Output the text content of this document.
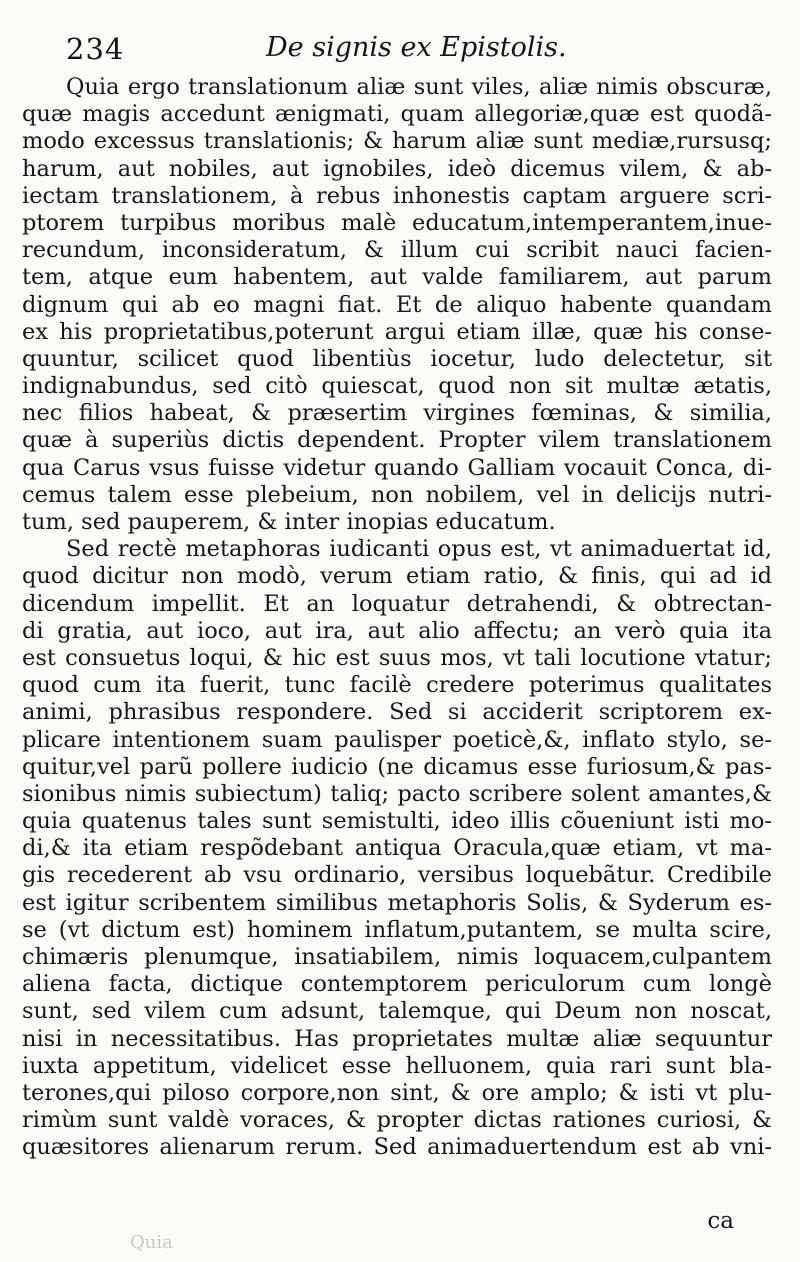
234	De signis ex Epistolis.
Quia ergo translationum aliæ sunt viles, aliæ nimis obscuræ,
quæ magis accedunt ænigmati, quam allegoriæ,quæ est quodã-
modo excessus translationis; & harum aliæ sunt mediæ,rursusq;
harum, aut nobiles, aut ignobiles, ideò dicemus vilem, & ab-
iectam translationem, à rebus inhonestis captam arguere scri-
ptorem turpibus moribus malè educatum,intemperantem,inue-
recundum, inconsideratum, & illum cui scribit nauci facien-
tem, atque eum habentem, aut valde familiarem, aut parum
dignum qui ab eo magni fiat. Et de aliquo habente quandam
ex his proprietatibus,poterunt argui etiam illæ, quæ his conse-
quuntur, scilicet quod libentiùs iocetur, ludo delectetur, sit
indignabundus, sed citò quiescat, quod non sit multæ ætatis,
nec filios habeat, & præsertim virgines fœminas, & similia,
quæ à superiùs dictis dependent. Propter vilem translationem
qua Carus vsus fuisse videtur quando Galliam vocauit Conca, di-
cemus talem esse plebeium, non nobilem, vel in delicijs nutri-
tum, sed pauperem, & inter inopias educatum.
Sed rectè metaphoras iudicanti opus est, vt animaduertat id,
quod dicitur non modò, verum etiam ratio, & finis, qui ad id
dicendum impellit. Et an loquatur detrahendi, & obtrectan-
di gratia, aut ioco, aut ira, aut alio affectu; an verò quia ita
est consuetus loqui, & hic est suus mos, vt tali locutione vtatur;
quod cum ita fuerit, tunc facilè credere poterimus qualitates
animi, phrasibus respondere. Sed si acciderit scriptorem ex-
plicare intentionem suam paulisper poeticè,&, inflato stylo, se-
quitur,vel parũ pollere iudicio (ne dicamus esse furiosum,& pas-
sionibus nimis subiectum) taliq; pacto scribere solent amantes,&
quia quatenus tales sunt semistulti, ideo illis cõueniunt isti mo-
di,& ita etiam respõdebant antiqua Oracula,quæ etiam, vt ma-
gis recederent ab vsu ordinario, versibus loquebãtur. Credibile
est igitur scribentem similibus metaphoris Solis, & Syderum es-
se (vt dictum est) hominem inflatum,putantem, se multa scire,
chimæris plenumque, insatiabilem, nimis loquacem,culpantem
aliena facta, dictique contemptorem periculorum cum longè
sunt, sed vilem cum adsunt, talemque, qui Deum non noscat,
nisi in necessitatibus. Has proprietates multæ aliæ sequuntur
iuxta appetitum, videlicet esse helluonem, quia rari sunt bla-
terones,qui piloso corpore,non sint, & ore amplo; & isti vt plu-
rimùm sunt valdè voraces, & propter dictas rationes curiosi, &
quæsitores alienarum rerum. Sed animaduertendum est ab vni-
ca
Quia
